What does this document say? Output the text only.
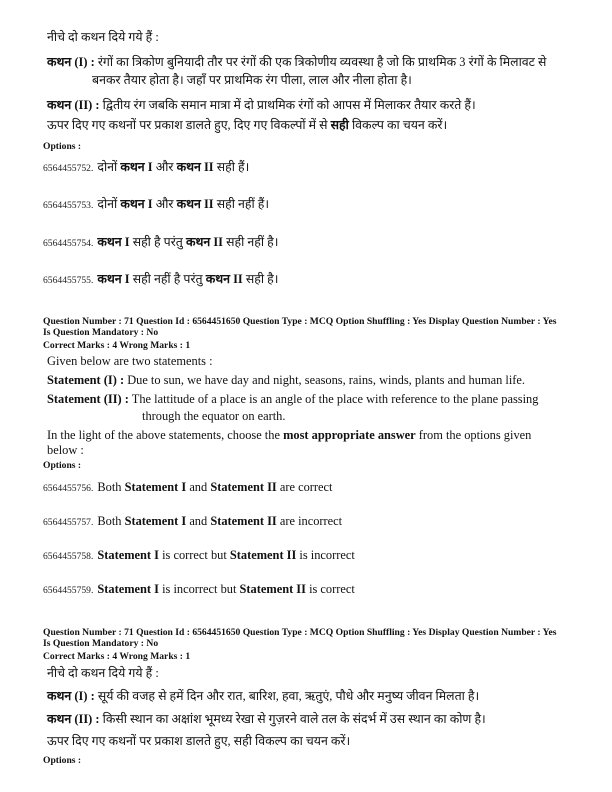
नीचे दो कथन दिये गये हैं :
कथन (I) : रंगों का त्रिकोण बुनियादी तौर पर रंगों की एक त्रिकोणीय व्यवस्था है जो कि प्राथमिक 3 रंगों के मिलावट से
बनकर तैयार होता है। जहाँ पर प्राथमिक रंग पीला, लाल और नीला होता है।
कथन (II) : द्वितीय रंग जबकि समान मात्रा में दो प्राथमिक रंगों को आपस में मिलाकर तैयार करते हैं।
ऊपर दिए गए कथनों पर प्रकाश डालते हुए, दिए गए विकल्पों में से सही विकल्प का चयन करें।
Options :
6564455752. दोनों कथन I और कथन II सही हैं।
6564455753. दोनों कथन I और कथन II सही नहीं हैं।
6564455754. कथन I सही है परंतु कथन II सही नहीं है।
6564455755. कथन I सही नहीं है परंतु कथन II सही है।
Question Number : 71 Question Id : 6564451650 Question Type : MCQ Option Shuffling : Yes Display Question Number : Yes
Is Question Mandatory : No
Correct Marks : 4 Wrong Marks : 1
Given below are two statements :
Statement (I) : Due to sun, we have day and night, seasons, rains, winds, plants and human life.
Statement (II) : The lattitude of a place is an angle of the place with reference to the plane passing
through the equator on earth.
In the light of the above statements, choose the most appropriate answer from the options given
below :
Options :
6564455756. Both Statement I and Statement II are correct
6564455757. Both Statement I and Statement II are incorrect
6564455758. Statement I is correct but Statement II is incorrect
6564455759. Statement I is incorrect but Statement II is correct
Question Number : 71 Question Id : 6564451650 Question Type : MCQ Option Shuffling : Yes Display Question Number : Yes
Is Question Mandatory : No
Correct Marks : 4 Wrong Marks : 1
नीचे दो कथन दिये गये हैं :
कथन (I) : सूर्य की वजह से हमें दिन और रात, बारिश, हवा, ऋतुएं, पौधे और मनुष्य जीवन मिलता है।
कथन (II) : किसी स्थान का अक्षांश भूमध्य रेखा से गुज़रने वाले तल के संदर्भ में उस स्थान का कोण है।
ऊपर दिए गए कथनों पर प्रकाश डालते हुए, सही विकल्प का चयन करें।
Options :
